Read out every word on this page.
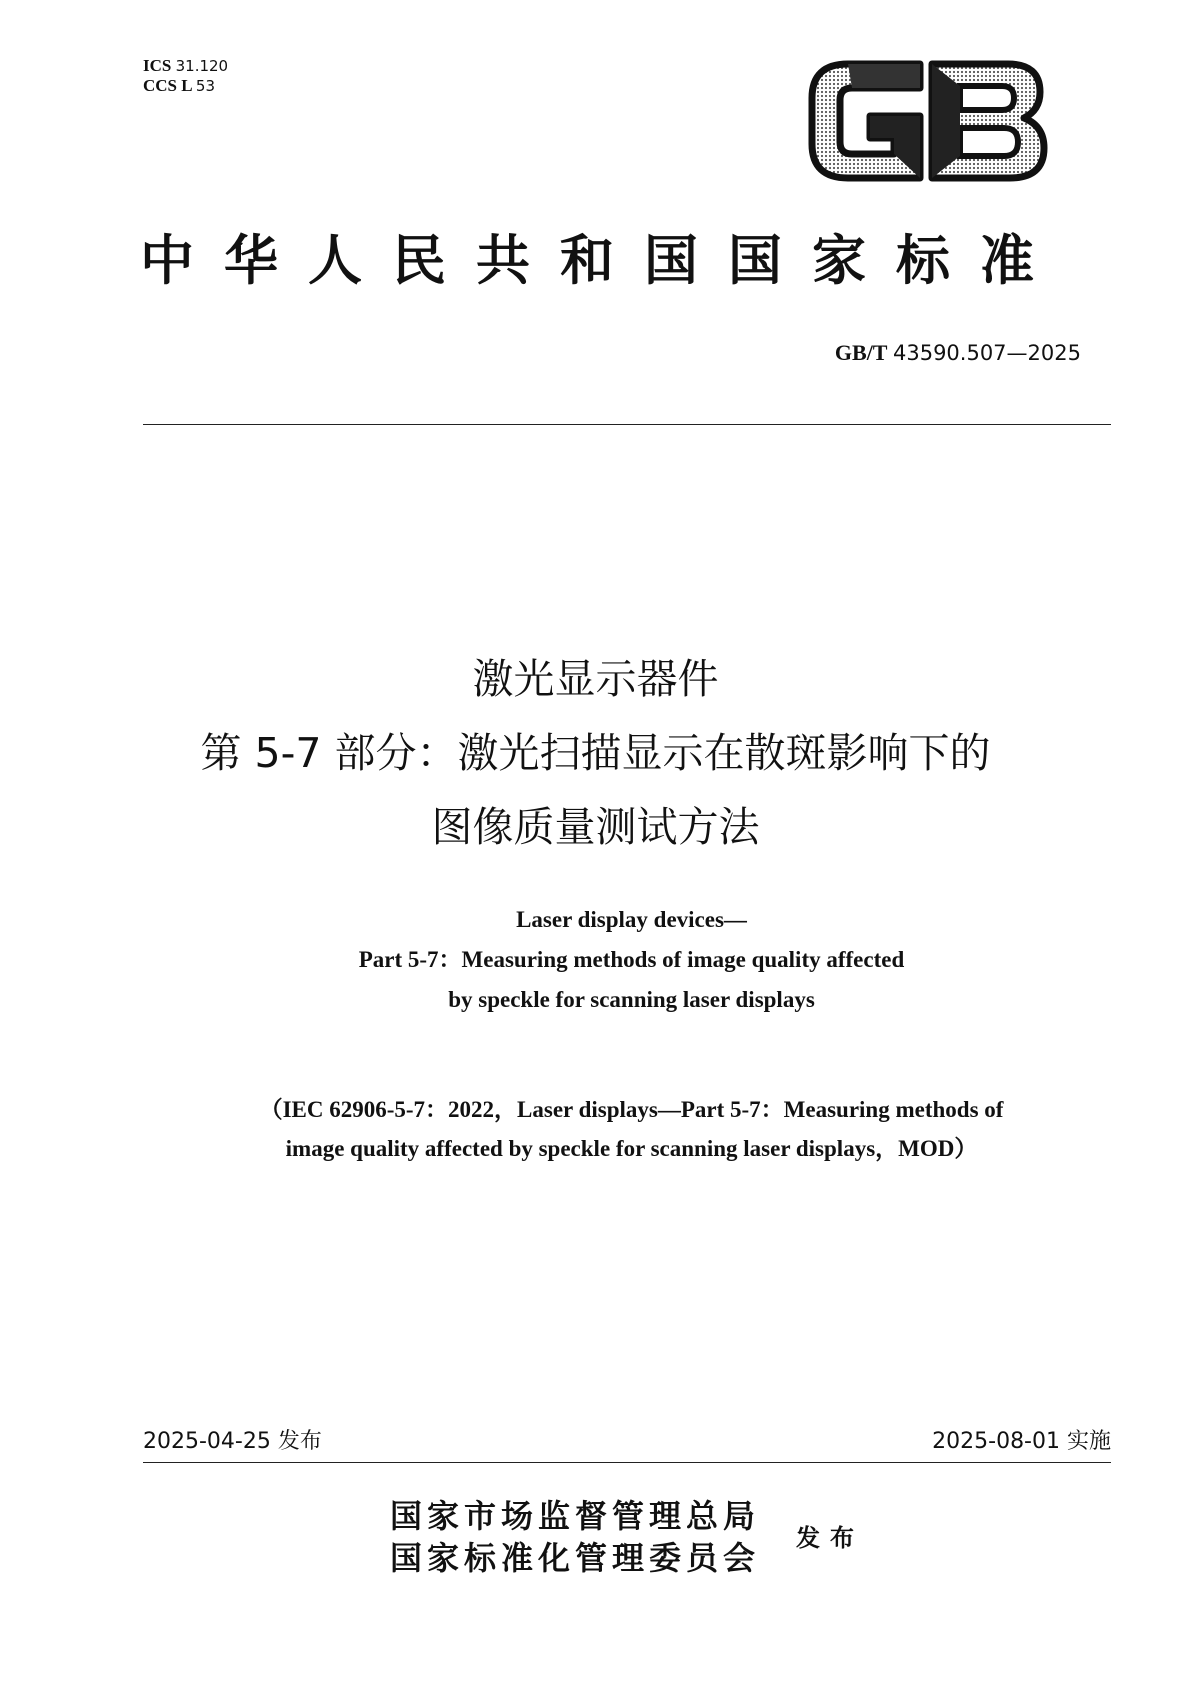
ICS 31.120
CCS L 53
GB
中华人民共和国国家标准
GB/T 43590.507—2025
激光显示器件
第 5-7 部分：激光扫描显示在散斑影响下的
图像质量测试方法
Laser display devices—
Part 5-7：Measuring methods of image quality affected
by speckle for scanning laser displays
（IEC 62906-5-7：2022，Laser displays—Part 5-7：Measuring methods of
image quality affected by speckle for scanning laser displays，MOD）
2025-04-25 发布	2025-08-01 实施
国家市场监督管理总局
国家标准化管理委员会
发布
